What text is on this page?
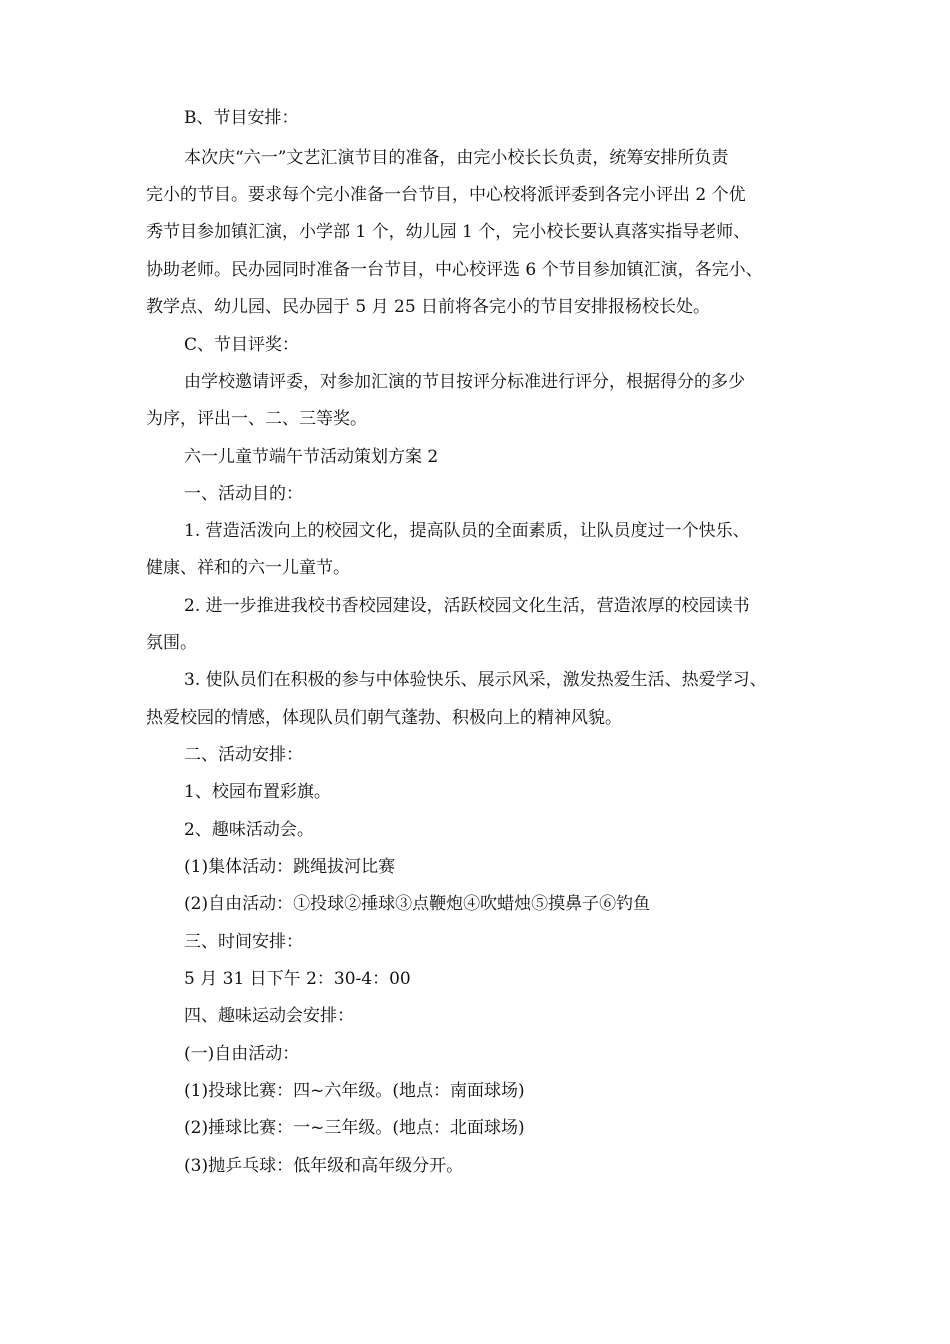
B、节目安排：
本次庆“六一”文艺汇演节目的准备，由完小校长长负责，统筹安排所负责
完小的节目。要求每个完小准备一台节目，中心校将派评委到各完小评出 2 个优
秀节目参加镇汇演，小学部 1 个，幼儿园 1 个，完小校长要认真落实指导老师、
协助老师。民办园同时准备一台节目，中心校评选 6 个节目参加镇汇演，各完小、
教学点、幼儿园、民办园于 5 月 25 日前将各完小的节目安排报杨校长处。
C、节目评奖：
由学校邀请评委，对参加汇演的节目按评分标准进行评分，根据得分的多少
为序，评出一、二、三等奖。
六一儿童节端午节活动策划方案 2
一、活动目的：
1. 营造活泼向上的校园文化，提高队员的全面素质，让队员度过一个快乐、
健康、祥和的六一儿童节。
2. 进一步推进我校书香校园建设，活跃校园文化生活，营造浓厚的校园读书
氛围。
3. 使队员们在积极的参与中体验快乐、展示风采，激发热爱生活、热爱学习、
热爱校园的情感，体现队员们朝气蓬勃、积极向上的精神风貌。
二、活动安排：
1、校园布置彩旗。
2、趣味活动会。
(1)集体活动：跳绳拔河比赛
(2)自由活动：①投球②捶球③点鞭炮④吹蜡烛⑤摸鼻子⑥钓鱼
三、时间安排：
5 月 31 日下午 2：30-4：00
四、趣味运动会安排：
(一)自由活动：
(1)投球比赛：四~六年级。(地点：南面球场)
(2)捶球比赛：一~三年级。(地点：北面球场)
(3)抛乒乓球：低年级和高年级分开。
